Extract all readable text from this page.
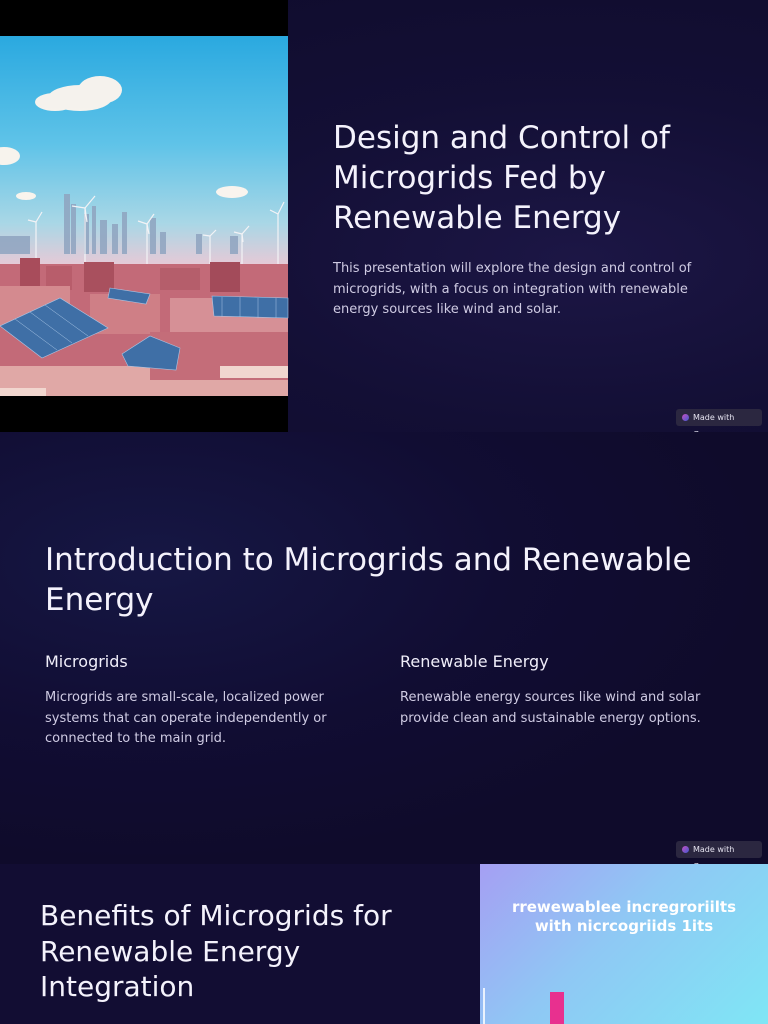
Design and Control of Microgrids Fed by Renewable Energy

This presentation will explore the design and control of microgrids, with a focus on integration with renewable energy sources like wind and solar.

Made with
Introduction to Microgrids and Renewable Energy
Microgrids

Microgrids are small-scale, localized power systems that can operate independently or connected to the main grid.

Renewable Energy

Renewable energy sources like wind and solar provide clean and sustainable energy options.

Made with
Benefits of Microgrids for Renewable Energy Integration
rrewewablee incregroriilts
with nicrcogriids 1its
